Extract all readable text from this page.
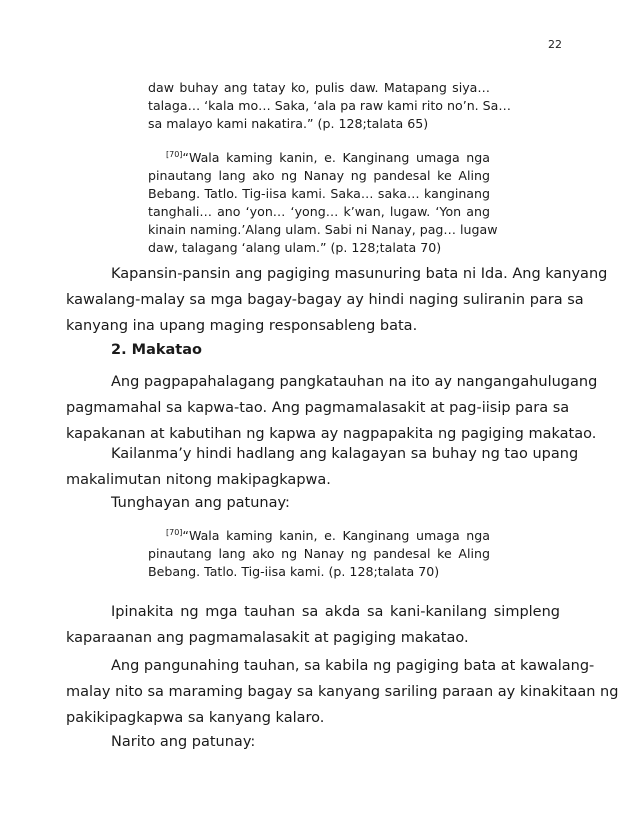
22
daw buhay ang tatay ko, pulis daw. Matapang siya…
talaga… ‘kala mo… Saka, ‘ala pa raw kami rito no’n. Sa…
sa malayo kami nakatira.” (p. 128;talata 65)
[70]“Wala kaming kanin, e. Kanginang umaga nga
pinautang lang ako ng Nanay ng pandesal ke Aling
Bebang. Tatlo. Tig-iisa kami. Saka… saka… kanginang
tanghali… ano ‘yon… ‘yong… k’wan, lugaw. ‘Yon ang
kinain naming.’Alang ulam. Sabi ni Nanay, pag… lugaw
daw, talagang ‘alang ulam.” (p. 128;talata 70)
Kapansin-pansin ang pagiging masunuring bata ni Ida. Ang kanyang
kawalang-malay sa mga bagay-bagay ay hindi naging suliranin para sa
kanyang ina upang maging responsableng bata.
2. Makatao
Ang pagpapahalagang pangkatauhan na ito ay nangangahulugang
pagmamahal sa kapwa-tao. Ang pagmamalasakit at pag-iisip para sa
kapakanan at kabutihan ng kapwa ay nagpapakita ng pagiging makatao.
Kailanma’y hindi hadlang ang kalagayan sa buhay ng tao upang
makalimutan nitong makipagkapwa.
Tunghayan ang patunay:
[70]“Wala kaming kanin, e. Kanginang umaga nga
pinautang lang ako ng Nanay ng pandesal ke Aling
Bebang. Tatlo. Tig-iisa kami. (p. 128;talata 70)
Ipinakita ng mga tauhan sa akda sa kani-kanilang simpleng
kaparaanan ang pagmamalasakit at pagiging makatao.
Ang pangunahing tauhan, sa kabila ng pagiging bata at kawalang-
malay nito sa maraming bagay sa kanyang sariling paraan ay kinakitaan ng
pakikipagkapwa sa kanyang kalaro.
Narito ang patunay:
